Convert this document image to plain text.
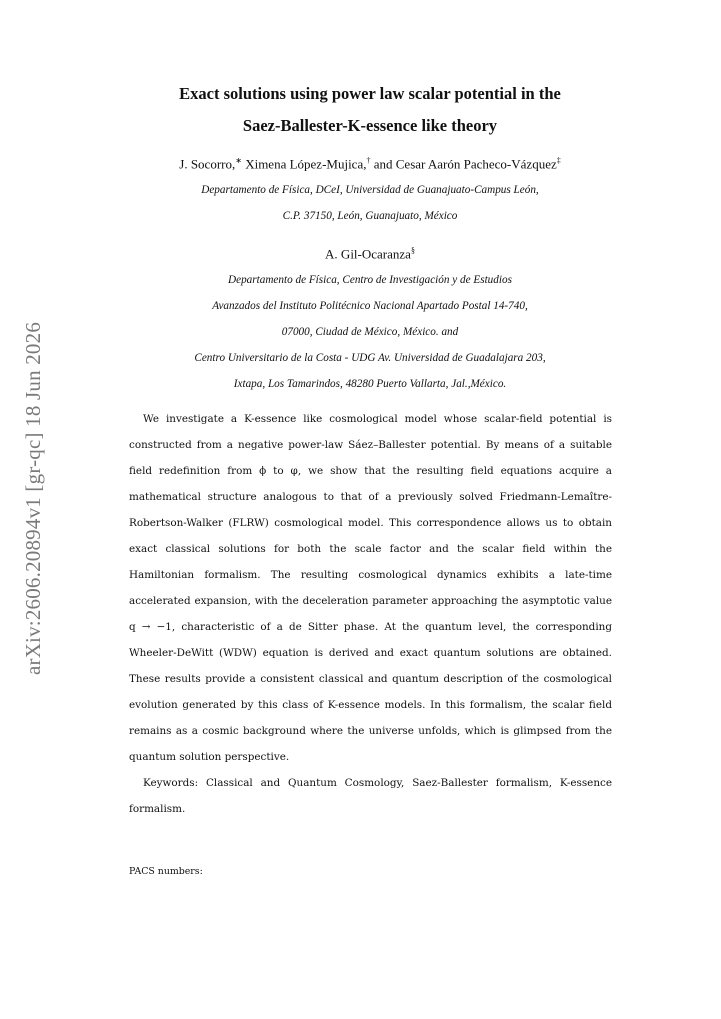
arXiv:2606.20894v1 [gr-qc] 18 Jun 2026
Exact solutions using power law scalar potential in the
Saez-Ballester-K-essence like theory
J. Socorro,∗ Ximena López-Mujica,† and Cesar Aarón Pacheco-Vázquez‡
Departamento de Física, DCeI, Universidad de Guanajuato-Campus León,
C.P. 37150, León, Guanajuato, México
A. Gil-Ocaranza§
Departamento de Física, Centro de Investigación y de Estudios
Avanzados del Instituto Politécnico Nacional Apartado Postal 14-740,
07000, Ciudad de México, México. and
Centro Universitario de la Costa - UDG Av. Universidad de Guadalajara 203,
Ixtapa, Los Tamarindos, 48280 Puerto Vallarta, Jal.,México.

We investigate a K-essence like cosmological model whose scalar-field potential is constructed from a negative power-law Sáez–Ballester potential. By means of a suitable field redefinition from ϕ to φ, we show that the resulting field equations acquire a mathematical structure analogous to that of a previously solved Friedmann-Lemaître-Robertson-Walker (FLRW) cosmological model. This correspondence allows us to obtain exact classical solutions for both the scale factor and the scalar field within the Hamiltonian formalism. The resulting cosmological dynamics exhibits a late-time accelerated expansion, with the deceleration parameter approaching the asymptotic value q → −1, characteristic of a de Sitter phase. At the quantum level, the corresponding Wheeler-DeWitt (WDW) equation is derived and exact quantum solutions are obtained. These results provide a consistent classical and quantum description of the cosmological evolution generated by this class of K-essence models. In this formalism, the scalar field remains as a cosmic background where the universe unfolds, which is glimpsed from the quantum solution perspective.

Keywords: Classical and Quantum Cosmology, Saez-Ballester formalism, K-essence formalism.

PACS numbers:
